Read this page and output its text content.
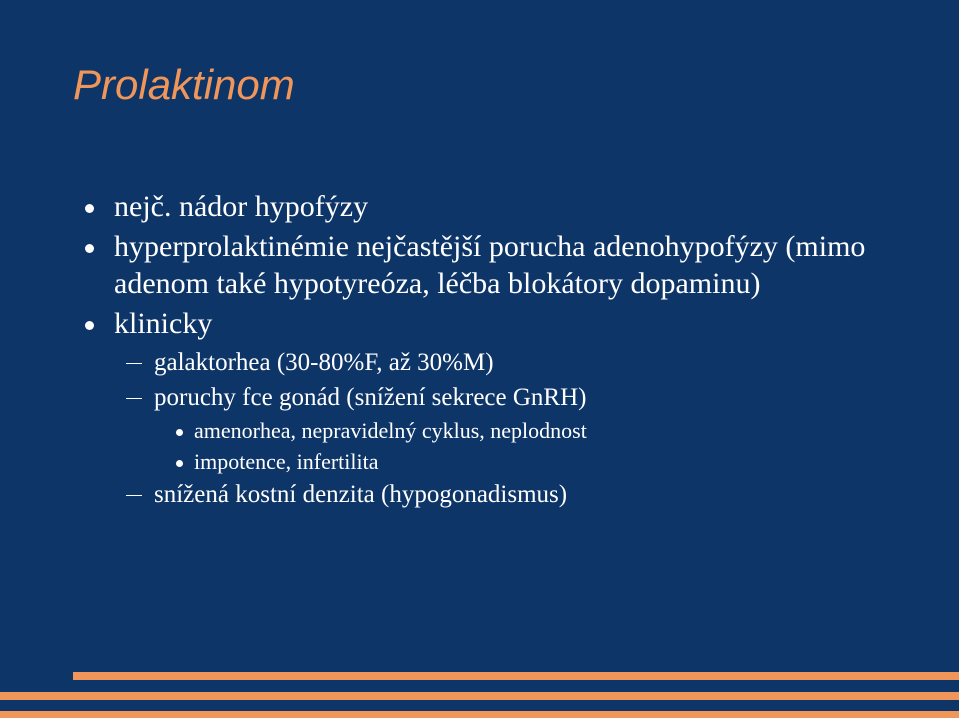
Prolaktinom
nejč. nádor hypofýzy
hyperprolaktinémie nejčastější porucha adenohypofýzy (mimo adenom také hypotyreóza, léčba blokátory dopaminu)
klinicky
galaktorhea (30-80%F, až 30%M)
poruchy fce gonád (snížení sekrece GnRH)
amenorhea, nepravidelný cyklus, neplodnost
impotence, infertilita
snížená kostní denzita (hypogonadismus)
